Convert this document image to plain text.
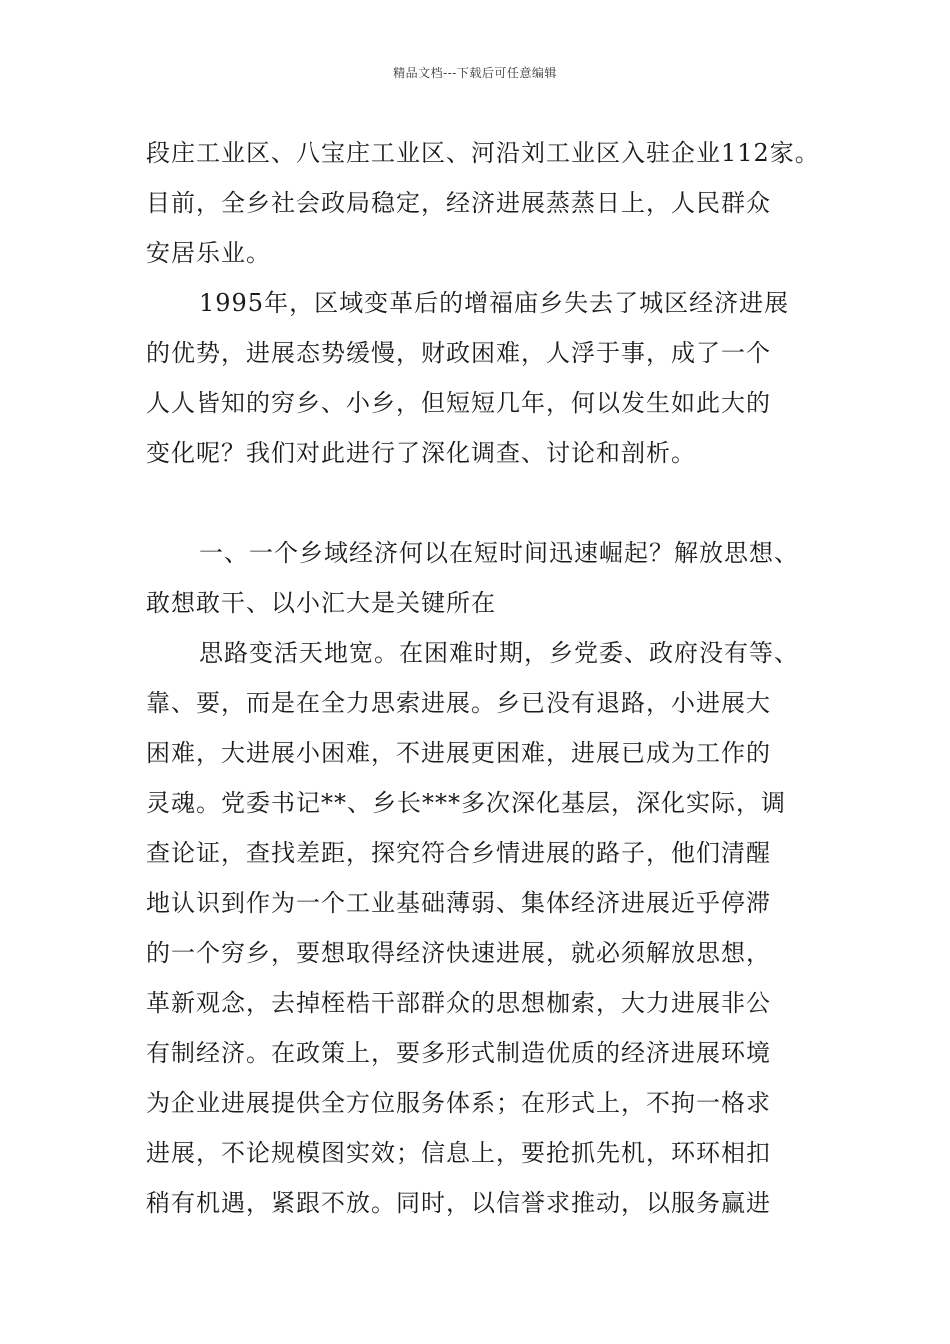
精品文档---下载后可任意编辑
段庄工业区、八宝庄工业区、河沿刘工业区入驻企业112家。
目前，全乡社会政局稳定，经济进展蒸蒸日上，人民群众
安居乐业。
1995年，区域变革后的增福庙乡失去了城区经济进展
的优势，进展态势缓慢，财政困难，人浮于事，成了一个
人人皆知的穷乡、小乡，但短短几年，何以发生如此大的
变化呢？我们对此进行了深化调查、讨论和剖析。
一、一个乡域经济何以在短时间迅速崛起？解放思想、
敢想敢干、以小汇大是关键所在
思路变活天地宽。在困难时期，乡党委、政府没有等、
靠、要，而是在全力思索进展。乡已没有退路，小进展大
困难，大进展小困难，不进展更困难，进展已成为工作的
灵魂。党委书记**、乡长***多次深化基层，深化实际，调
查论证，查找差距，探究符合乡情进展的路子，他们清醒
地认识到作为一个工业基础薄弱、集体经济进展近乎停滞
的一个穷乡，要想取得经济快速进展，就必须解放思想，
革新观念，去掉桎梏干部群众的思想枷索，大力进展非公
有制经济。在政策上，要多形式制造优质的经济进展环境
为企业进展提供全方位服务体系；在形式上，不拘一格求
进展，不论规模图实效；信息上，要抢抓先机，环环相扣
稍有机遇，紧跟不放。同时，以信誉求推动，以服务赢进
